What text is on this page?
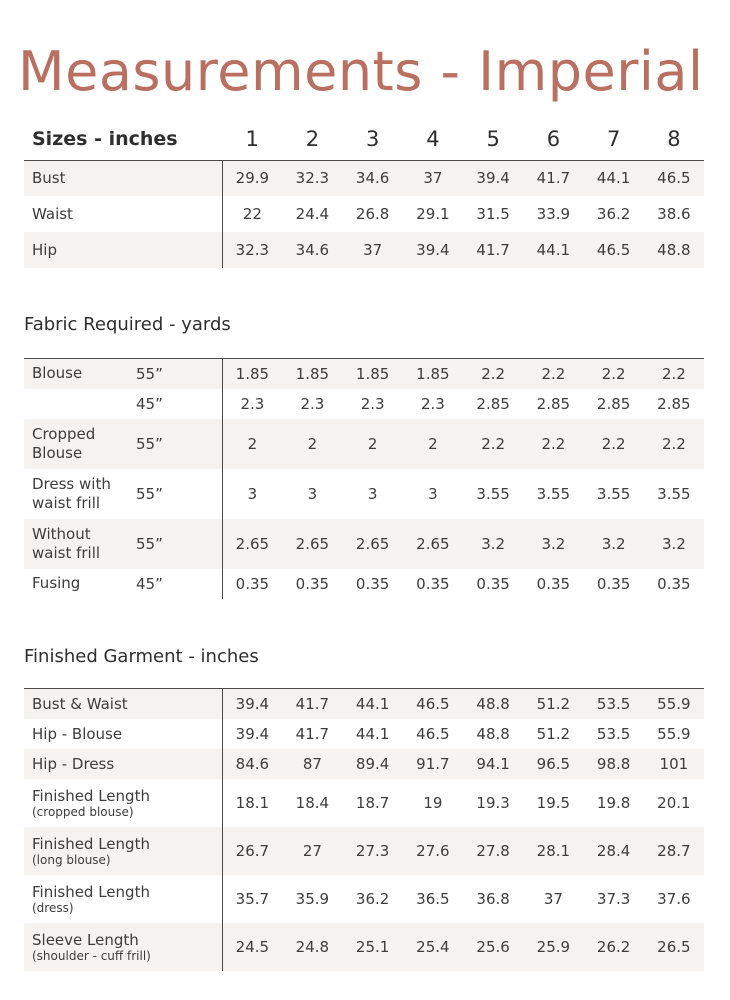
Measurements - Imperial
Sizes - inches	1	2	3	4	5	6	7	8
Bust	29.9	32.3	34.6	37	39.4	41.7	44.1	46.5
Waist	22	24.4	26.8	29.1	31.5	33.9	36.2	38.6
Hip	32.3	34.6	37	39.4	41.7	44.1	46.5	48.8
Fabric Required - yards
Blouse	55”	1.85	1.85	1.85	1.85	2.2	2.2	2.2	2.2

	45”	2.3	2.3	2.3	2.3	2.85	2.85	2.85	2.85

Cropped
Blouse	55”	2	2	2	2	2.2	2.2	2.2	2.2

Dress with
waist frill	55”	3	3	3	3	3.55	3.55	3.55	3.55

Without
waist frill	55”	2.65	2.65	2.65	2.65	3.2	3.2	3.2	3.2

Fusing	45”	0.35	0.35	0.35	0.35	0.35	0.35	0.35	0.35
Finished Garment - inches
Bust & Waist	39.4	41.7	44.1	46.5	48.8	51.2	53.5	55.9

Hip - Blouse	39.4	41.7	44.1	46.5	48.8	51.2	53.5	55.9

Hip - Dress	84.6	87	89.4	91.7	94.1	96.5	98.8	101

Finished Length
(cropped blouse)	18.1	18.4	18.7	19	19.3	19.5	19.8	20.1

Finished Length
(long blouse)	26.7	27	27.3	27.6	27.8	28.1	28.4	28.7

Finished Length
(dress)	35.7	35.9	36.2	36.5	36.8	37	37.3	37.6

Sleeve Length
(shoulder - cuff frill)	24.5	24.8	25.1	25.4	25.6	25.9	26.2	26.5
